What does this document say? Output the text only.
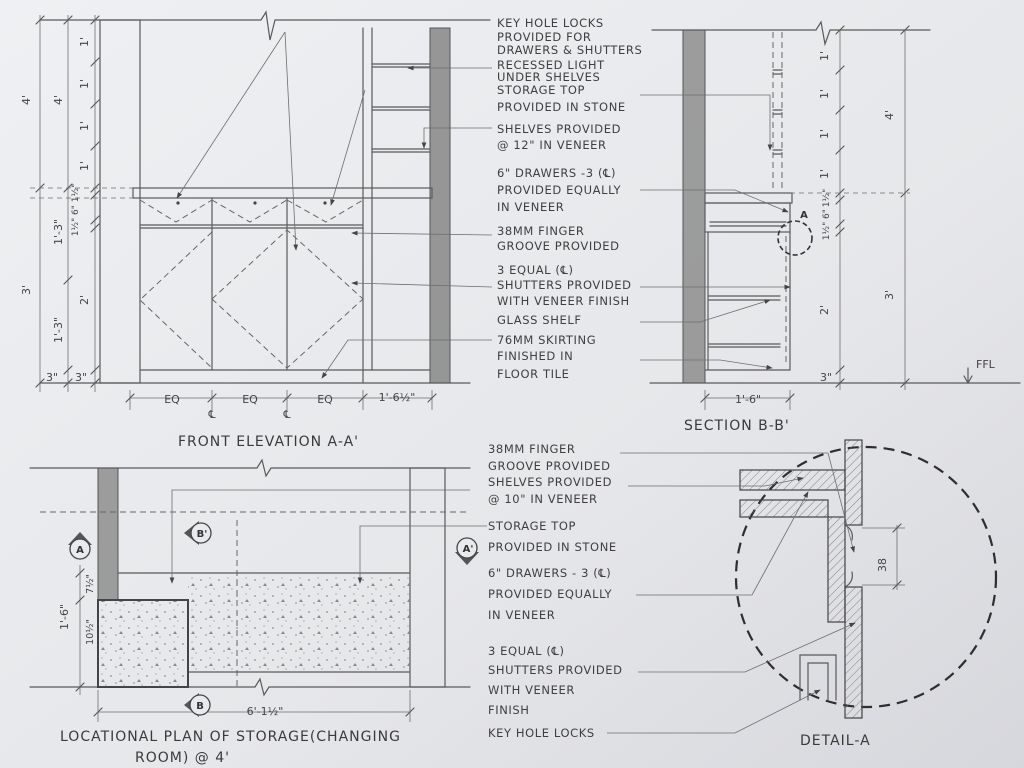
4'
3'
4'
1'-3"
1'-3"
3"
1'
1'
1'
1'
1½"
6"
1½"
2'
3"
EQ	EQ	EQ	1'-6½"
℄	℄
FRONT ELEVATION A-A'
KEY HOLE LOCKS
PROVIDED FOR
DRAWERS & SHUTTERS
RECESSED LIGHT
UNDER SHELVES
STORAGE TOP
PROVIDED IN STONE
SHELVES PROVIDED
@ 12" IN VENEER
6" DRAWERS -3 (℄)
PROVIDED EQUALLY
IN VENEER
38MM FINGER
GROOVE PROVIDED
3 EQUAL (℄)
SHUTTERS PROVIDED
WITH VENEER FINISH
GLASS SHELF
76MM SKIRTING
FINISHED IN
FLOOR TILE
1'
1'
1'
1'
1½"
6"
1½"
2'
3"
4'
3'
1'-6"
A
FFL
SECTION B-B'
A
B'
A'
B
1'-6"
7½"
10½"
6'-1½"
LOCATIONAL PLAN OF STORAGE(CHANGING
ROOM) @ 4'
38MM FINGER
GROOVE PROVIDED
SHELVES PROVIDED
@ 10" IN VENEER
STORAGE TOP
PROVIDED IN STONE
6" DRAWERS - 3 (℄)
PROVIDED EQUALLY
IN VENEER
3 EQUAL (℄)
SHUTTERS PROVIDED
WITH VENEER
FINISH
KEY HOLE LOCKS
38
DETAIL-A
